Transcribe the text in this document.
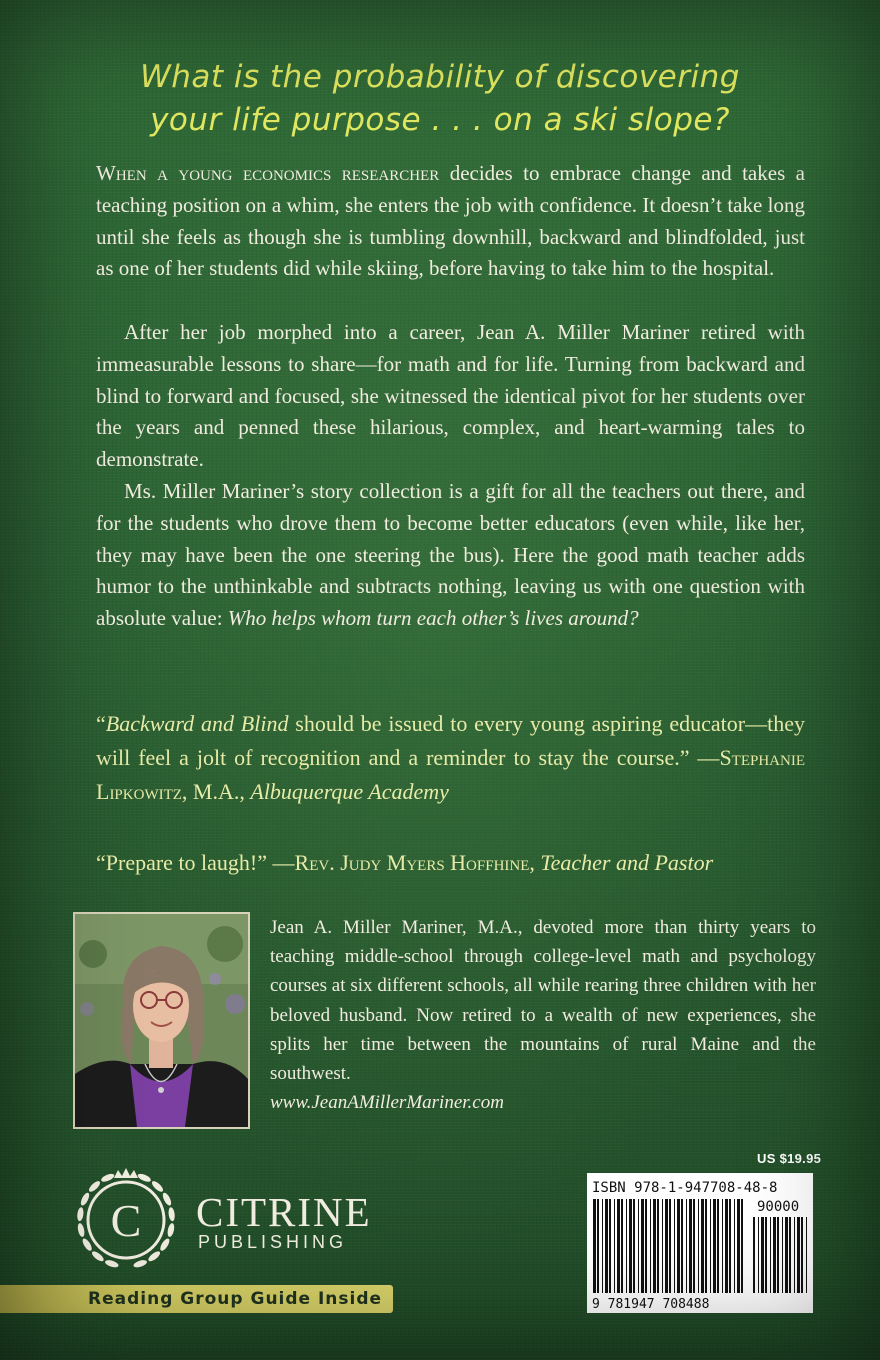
What is the probability of discovering
your life purpose . . . on a ski slope?

When a young economics researcher decides to embrace change and takes a teaching position on a whim, she enters the job with confidence. It doesn’t take long until she feels as though she is tumbling downhill, backward and blindfolded, just as one of her students did while skiing, before having to take him to the hospital.

After her job morphed into a career, Jean A. Miller Mariner retired with immeasurable lessons to share—for math and for life. Turning from backward and blind to forward and focused, she witnessed the identical pivot for her students over the years and penned these hilarious, complex, and heart-warming tales to demonstrate.

Ms. Miller Mariner’s story collection is a gift for all the teachers out there, and for the students who drove them to become better educators (even while, like her, they may have been the one steering the bus). Here the good math teacher adds humor to the unthinkable and subtracts nothing, leaving us with one question with absolute value: Who helps whom turn each other’s lives around?

“Backward and Blind should be issued to every young aspiring educator—they will feel a jolt of recognition and a reminder to stay the course.” —Stephanie Lipkowitz, M.A., Albuquerque Academy

“Prepare to laugh!” —Rev. Judy Myers Hoffhine, Teacher and Pastor

Jean A. Miller Mariner, M.A., devoted more than thirty years to teaching middle-school through college-level math and psychology courses at six different schools, all while rearing three children with her beloved husband. Now retired to a wealth of new experiences, she splits her time between the mountains of rural Maine and the southwest.
www.JeanAMillerMariner.com

US $19.95
ISBN 978-1-947708-48-8
90000
9 781947 708488
C CITRINE
PUBLISHING
Reading Group Guide Inside
